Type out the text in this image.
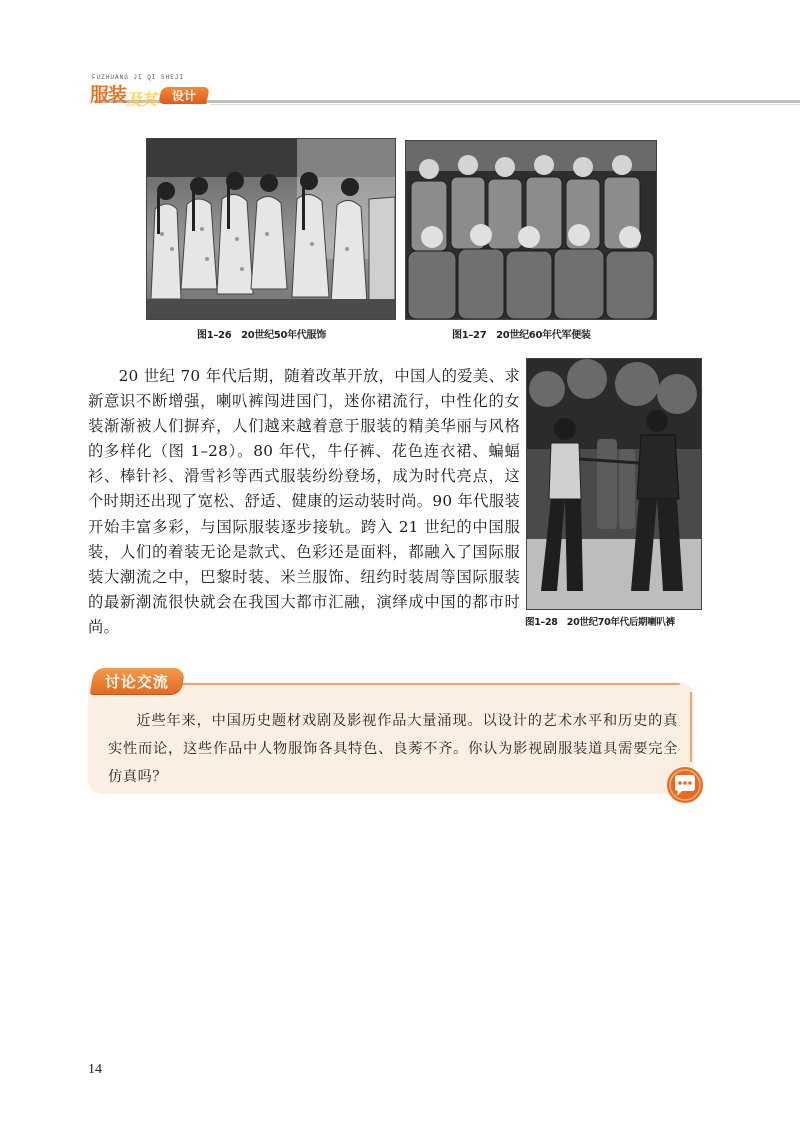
FUZHUANG JI QI SHEJI
服装 及其 设计
图1–26　20世纪50年代服饰	图1–27　20世纪60年代军便装
20 世纪 70 年代后期，随着改革开放，中国人的爱美、求新意识不断增强，喇叭裤闯进国门，迷你裙流行，中性化的女装渐渐被人们摒弃，人们越来越着意于服装的精美华丽与风格的多样化（图 1–28）。80 年代，牛仔裤、花色连衣裙、蝙蝠衫、棒针衫、滑雪衫等西式服装纷纷登场，成为时代亮点，这个时期还出现了宽松、舒适、健康的运动装时尚。90 年代服装开始丰富多彩，与国际服装逐步接轨。跨入 21 世纪的中国服装，人们的着装无论是款式、色彩还是面料，都融入了国际服装大潮流之中，巴黎时装、米兰服饰、纽约时装周等国际服装的最新潮流很快就会在我国大都市汇融，演绎成中国的都市时尚。	图1–28　20世纪70年代后期喇叭裤
讨论交流
近些年来，中国历史题材戏剧及影视作品大量涌现。以设计的艺术水平和历史的真实性而论，这些作品中人物服饰各具特色、良莠不齐。你认为影视剧服装道具需要完全仿真吗？
14
